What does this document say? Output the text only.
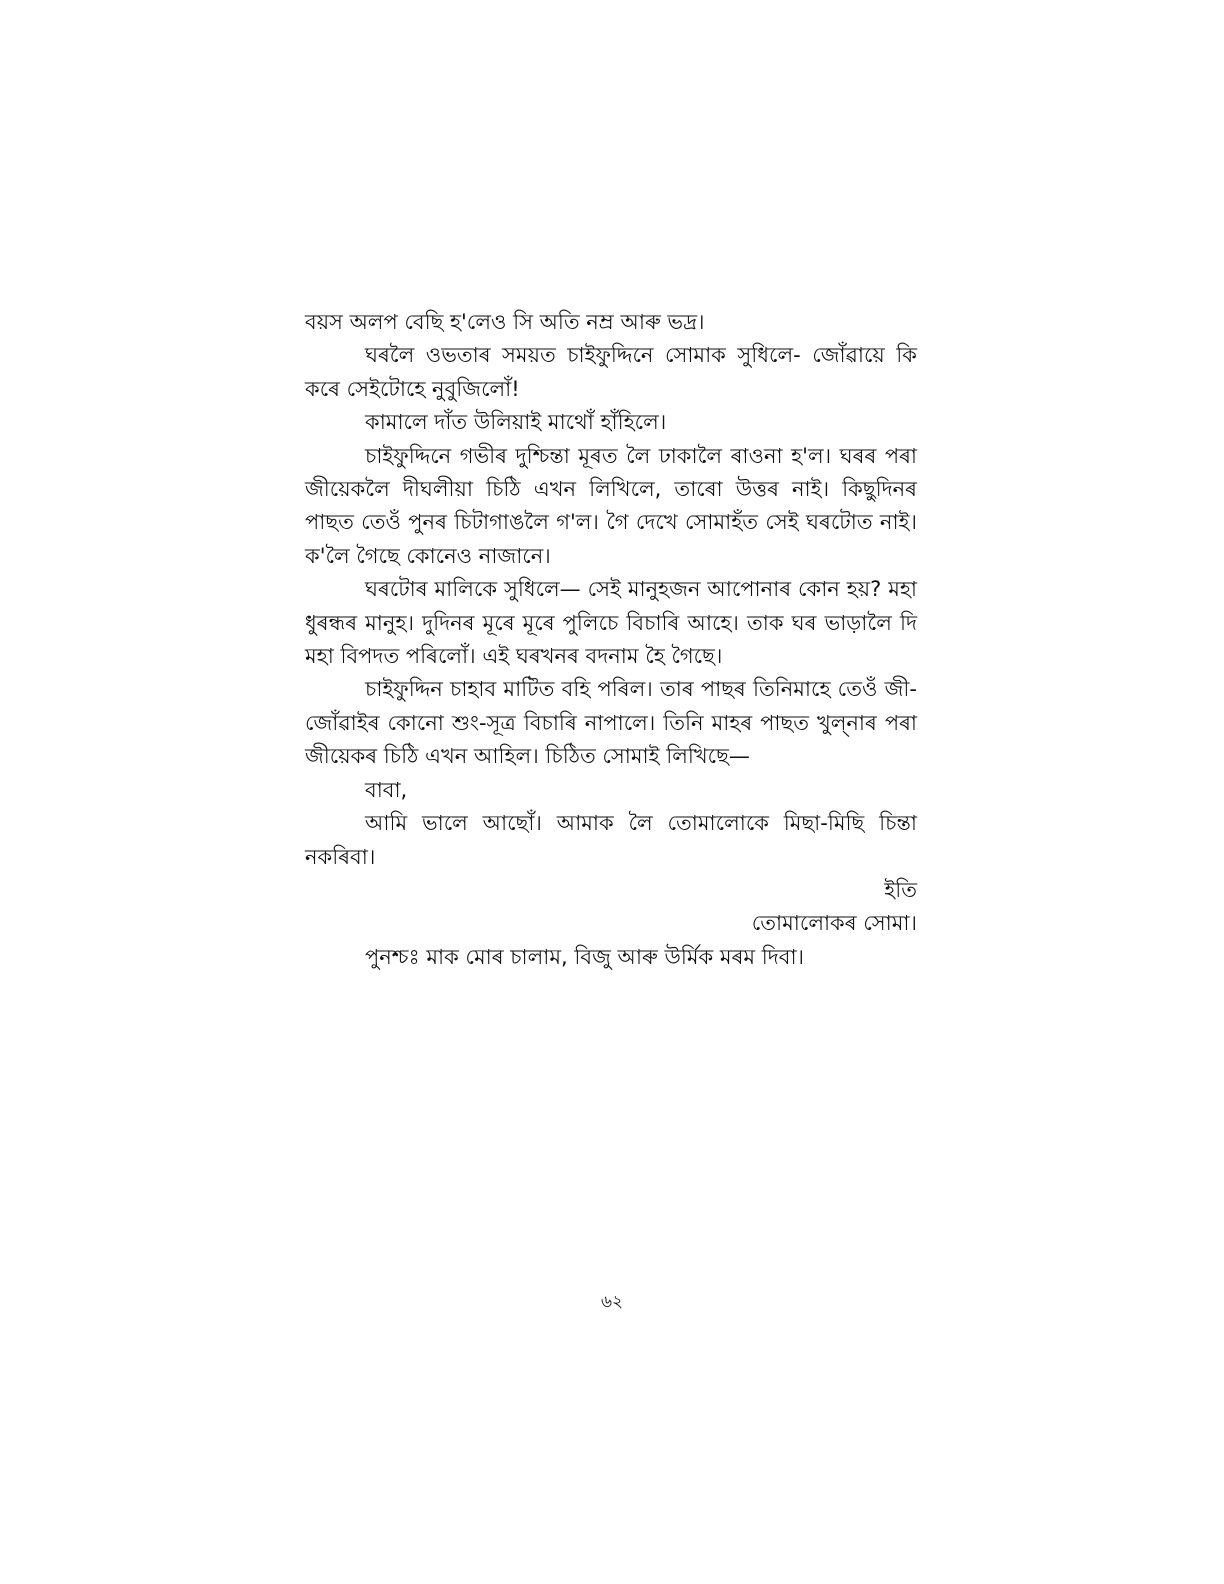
বয়স অলপ বেছি হ'লেও সি অতি নম্র আৰু ভদ্ৰ।

ঘৰলৈ ওভতাৰ সময়ত চাইফুদ্দিনে সোমাক সুধিলে- জোঁৱায়ে কি কৰে সেইটোহে নুবুজিলোঁ!

কামালে দাঁত উলিয়াই মাথোঁ হাঁহিলে।

চাইফুদ্দিনে গভীৰ দুশ্চিন্তা মূৰত লৈ ঢাকালৈ ৰাওনা হ'ল। ঘৰৰ পৰা জীয়েকলৈ দীঘলীয়া চিঠি এখন লিখিলে, তাৰো উত্তৰ নাই। কিছুদিনৰ পাছত তেওঁ পুনৰ চিটাগাঙলৈ গ'ল। গৈ দেখে সোমাহঁত সেই ঘৰটোত নাই। ক'লৈ গৈছে কোনেও নাজানে।

ঘৰটোৰ মালিকে সুধিলে— সেই মানুহজন আপোনাৰ কোন হয়? মহা ধুৰন্ধৰ মানুহ। দুদিনৰ মূৰে মূৰে পুলিচে বিচাৰি আহে। তাক ঘৰ ভাড়ালৈ দি মহা বিপদত পৰিলোঁ। এই ঘৰখনৰ বদনাম হৈ গৈছে।

চাইফুদ্দিন চাহাব মাটিত বহি পৰিল। তাৰ পাছৰ তিনিমাহে তেওঁ জী-জোঁৱাইৰ কোনো শুং-সূত্ৰ বিচাৰি নাপালে। তিনি মাহৰ পাছত খুল্‌নাৰ পৰা জীয়েকৰ চিঠি এখন আহিল। চিঠিত সোমাই লিখিছে—

বাবা,

আমি ভালে আছোঁ। আমাক লৈ তোমালোকে মিছা-মিছি চিন্তা নকৰিবা।

ইতি

তোমালোকৰ সোমা।

পুনশ্চঃ মাক মোৰ চালাম, বিজু আৰু উৰ্মিক মৰম দিবা।

৬২
